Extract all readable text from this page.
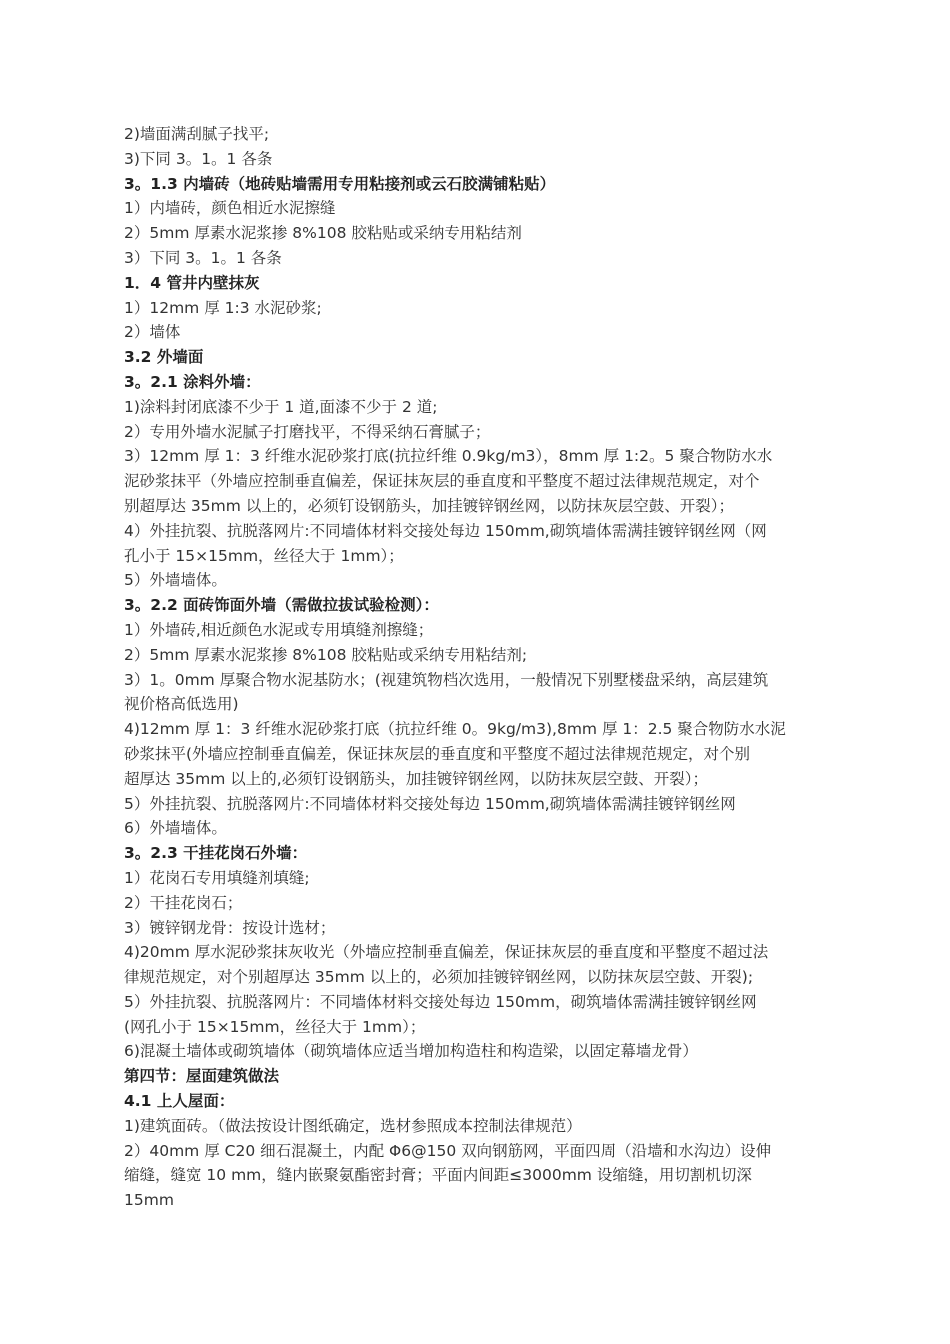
2)墙面满刮腻子找平;
3)下同 3。1。1 各条
3。1.3 内墙砖（地砖贴墙需用专用粘接剂或云石胶满铺粘贴）
1）内墙砖，颜色相近水泥擦缝
2）5mm 厚素水泥浆掺 8%108 胶粘贴或采纳专用粘结剂
3）下同 3。1。1 各条
1．4 管井内壁抹灰
1）12mm 厚 1:3 水泥砂浆;
2）墙体
3.2 外墙面
3。2.1 涂料外墙：
1)涂料封闭底漆不少于 1 道,面漆不少于 2 道;
2）专用外墙水泥腻子打磨找平，不得采纳石膏腻子；
3）12mm 厚 1：3 纤维水泥砂浆打底(抗拉纤维 0.9kg/m3），8mm 厚 1:2。5 聚合物防水水
泥砂浆抹平（外墙应控制垂直偏差，保证抹灰层的垂直度和平整度不超过法律规范规定，对个
别超厚达 35mm 以上的，必须钉设钢筋头，加挂镀锌钢丝网，以防抹灰层空鼓、开裂）；
4）外挂抗裂、抗脱落网片:不同墙体材料交接处每边 150mm,砌筑墙体需满挂镀锌钢丝网（网
孔小于 15×15mm，丝径大于 1mm）；
5）外墙墙体。
3。2.2 面砖饰面外墙（需做拉拔试验检测）：
1）外墙砖,相近颜色水泥或专用填缝剂擦缝；
2）5mm 厚素水泥浆掺 8%108 胶粘贴或采纳专用粘结剂;
3）1。0mm 厚聚合物水泥基防水；(视建筑物档次选用，一般情况下别墅楼盘采纳，高层建筑
视价格高低选用)
4)12mm 厚 1：3 纤维水泥砂浆打底（抗拉纤维 0。9kg/m3),8mm 厚 1：2.5 聚合物防水水泥
砂浆抹平(外墙应控制垂直偏差，保证抹灰层的垂直度和平整度不超过法律规范规定，对个别
超厚达 35mm 以上的,必须钉设钢筋头，加挂镀锌钢丝网，以防抹灰层空鼓、开裂）；
5）外挂抗裂、抗脱落网片:不同墙体材料交接处每边 150mm,砌筑墙体需满挂镀锌钢丝网
6）外墙墙体。
3。2.3 干挂花岗石外墙：
1）花岗石专用填缝剂填缝;
2）干挂花岗石；
3）镀锌钢龙骨：按设计选材；
4)20mm 厚水泥砂浆抹灰收光（外墙应控制垂直偏差，保证抹灰层的垂直度和平整度不超过法
律规范规定，对个别超厚达 35mm 以上的，必须加挂镀锌钢丝网，以防抹灰层空鼓、开裂);
5）外挂抗裂、抗脱落网片：不同墙体材料交接处每边 150mm，砌筑墙体需满挂镀锌钢丝网
(网孔小于 15×15mm，丝径大于 1mm）；
6)混凝土墙体或砌筑墙体（砌筑墙体应适当增加构造柱和构造梁，以固定幕墙龙骨）
第四节：屋面建筑做法
4.1 上人屋面：
1)建筑面砖。（做法按设计图纸确定，选材参照成本控制法律规范）
2）40mm 厚 C20 细石混凝土，内配 Φ6@150 双向钢筋网，平面四周（沿墙和水沟边）设伸
缩缝，缝宽 10 mm，缝内嵌聚氨酯密封膏；平面内间距≤3000mm 设缩缝，用切割机切深
15mm
